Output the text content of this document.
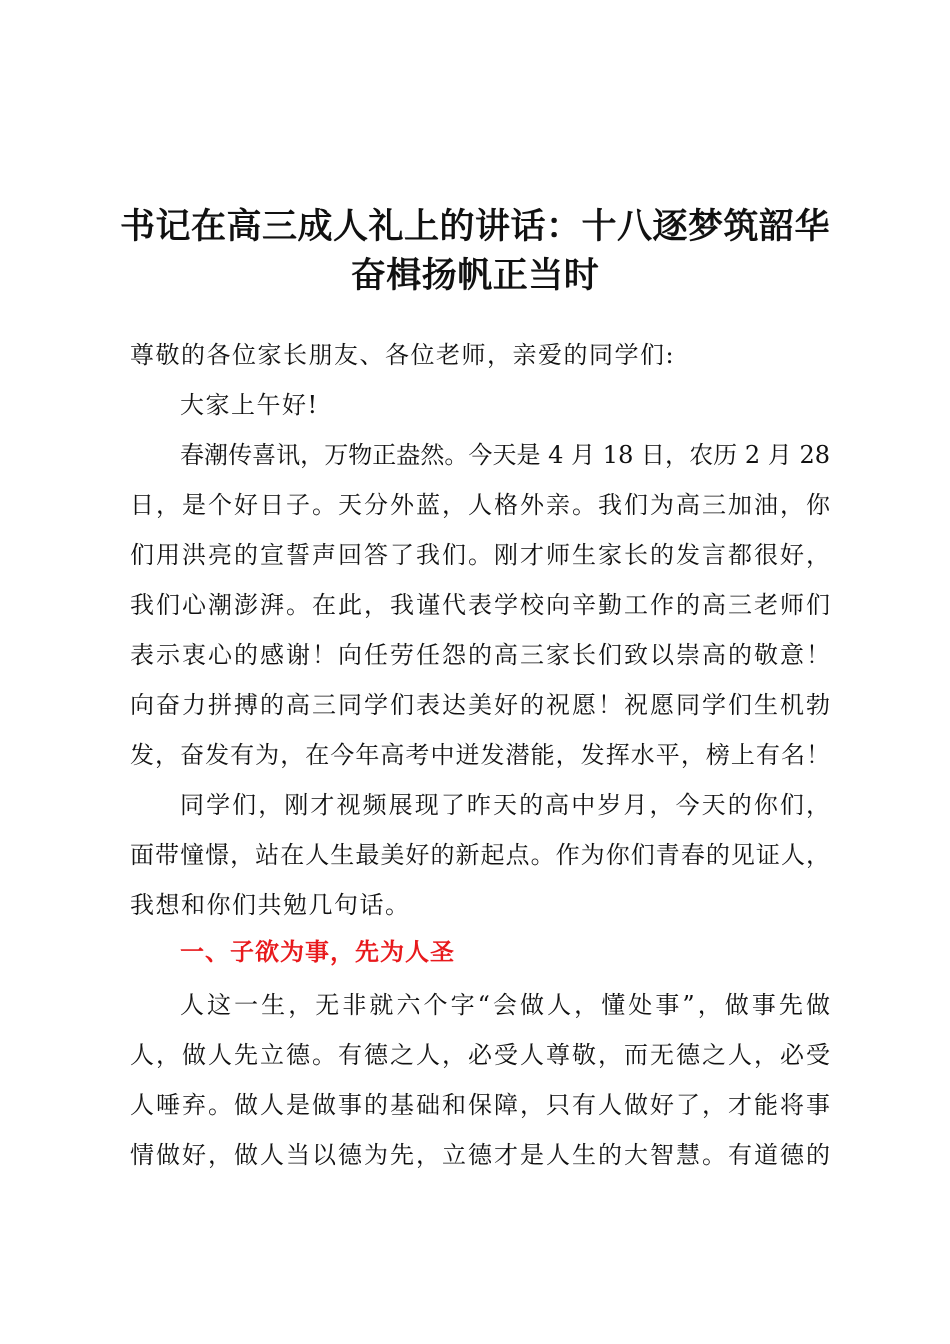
书记在高三成人礼上的讲话：十八逐梦筑韶华
奋楫扬帆正当时
尊敬的各位家长朋友、各位老师，亲爱的同学们:
大家上午好!
春潮传喜讯，万物正盎然。今天是 4 月 18 日，农历 2 月 28
日，是个好日子。天分外蓝，人格外亲。我们为高三加油，你
们用洪亮的宣誓声回答了我们。刚才师生家长的发言都很好，
我们心潮澎湃。在此，我谨代表学校向辛勤工作的高三老师们
表示衷心的感谢！向任劳任怨的高三家长们致以崇高的敬意！
向奋力拼搏的高三同学们表达美好的祝愿！祝愿同学们生机勃
发，奋发有为，在今年高考中迸发潜能，发挥水平，榜上有名！
同学们，刚才视频展现了昨天的高中岁月，今天的你们，
面带憧憬，站在人生最美好的新起点。作为你们青春的见证人，
我想和你们共勉几句话。
一、子欲为事，先为人圣
人这一生，无非就六个字“会做人，懂处事”，做事先做
人，做人先立德。有德之人，必受人尊敬，而无德之人，必受
人唾弃。做人是做事的基础和保障，只有人做好了，才能将事
情做好，做人当以德为先，立德才是人生的大智慧。有道德的
